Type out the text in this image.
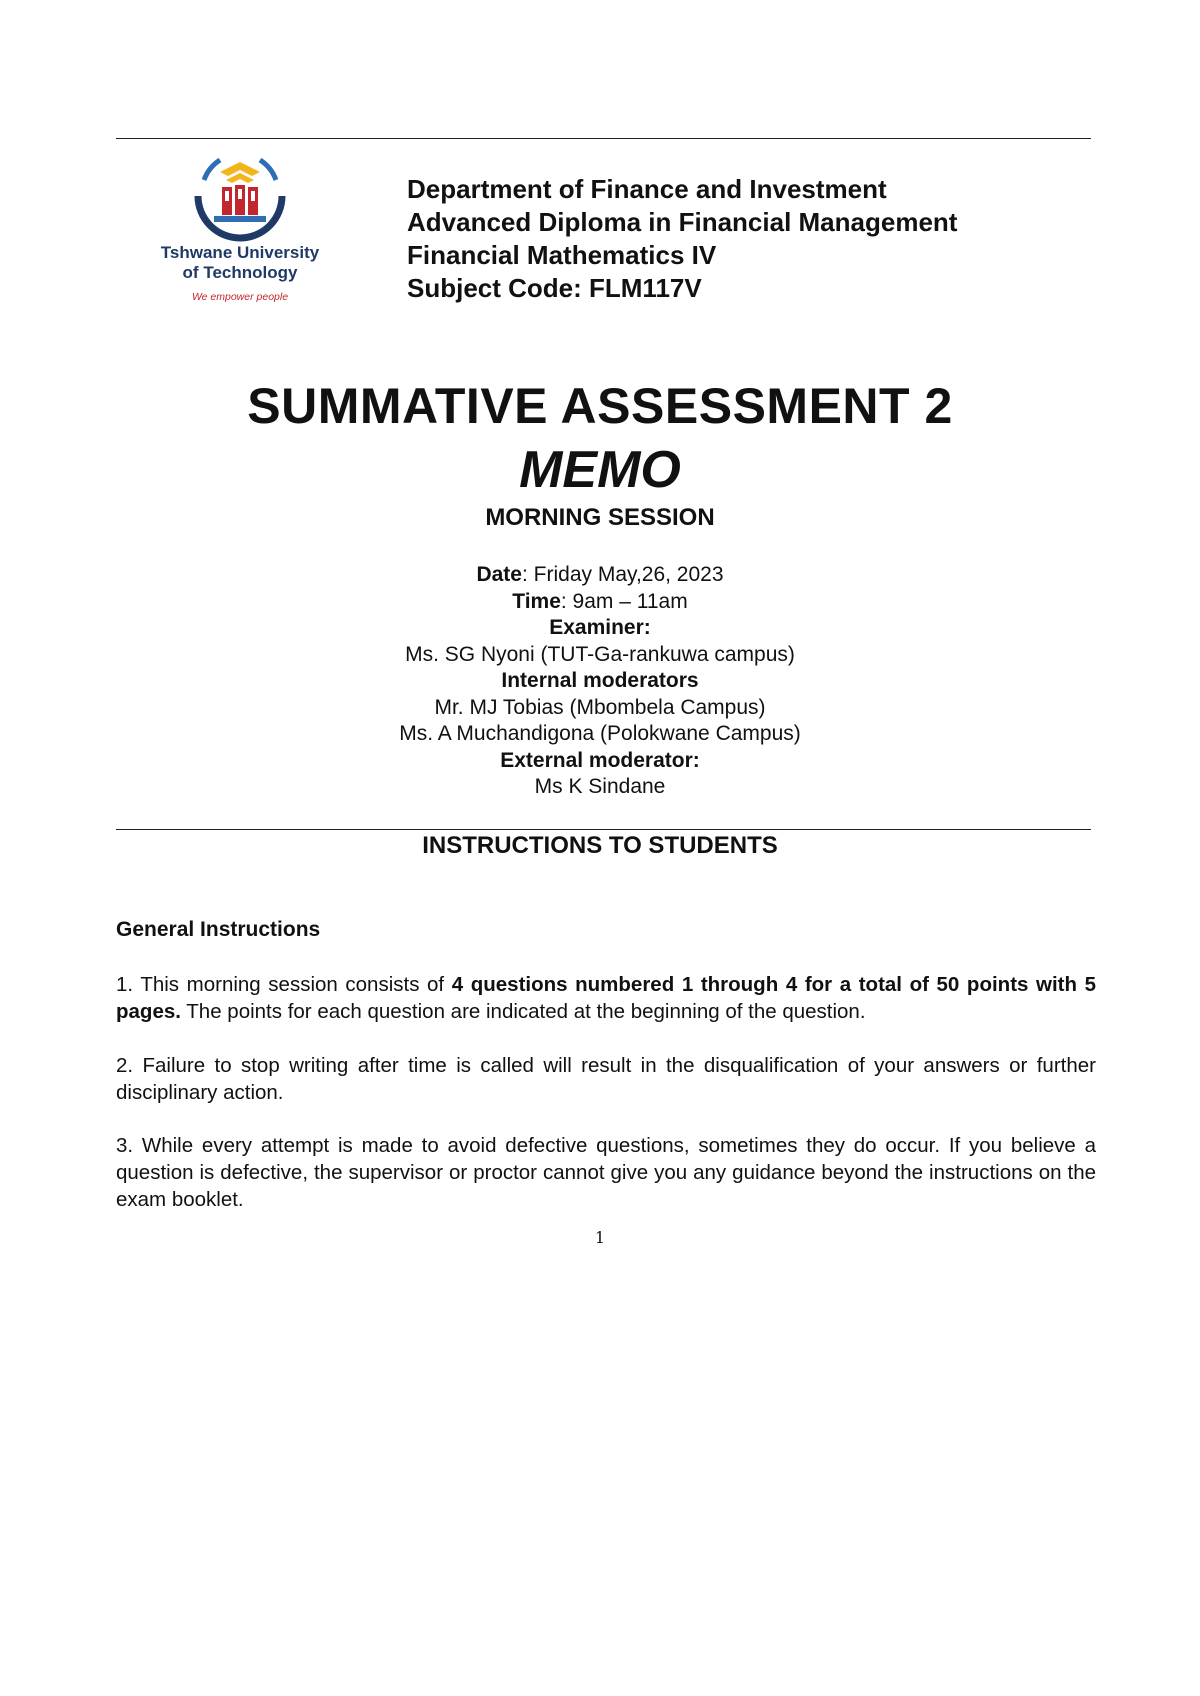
Tshwane University
of Technology
We empower people
Department of Finance and Investment
Advanced Diploma in Financial Management
Financial Mathematics IV
Subject Code: FLM117V
SUMMATIVE ASSESSMENT 2
MEMO
MORNING SESSION
Date: Friday May,26, 2023
Time: 9am – 11am
Examiner:
Ms. SG Nyoni (TUT-Ga-rankuwa campus)
Internal moderators
Mr. MJ Tobias (Mbombela Campus)
Ms. A Muchandigona (Polokwane Campus)
External moderator:
Ms K Sindane
INSTRUCTIONS TO STUDENTS
General Instructions
1. This morning session consists of 4 questions numbered 1 through 4 for a total of 50 points with 5 pages. The points for each question are indicated at the beginning of the question.
2. Failure to stop writing after time is called will result in the disqualification of your answers or further disciplinary action.
3. While every attempt is made to avoid defective questions, sometimes they do occur. If you believe a question is defective, the supervisor or proctor cannot give you any guidance beyond the instructions on the exam booklet.
1
